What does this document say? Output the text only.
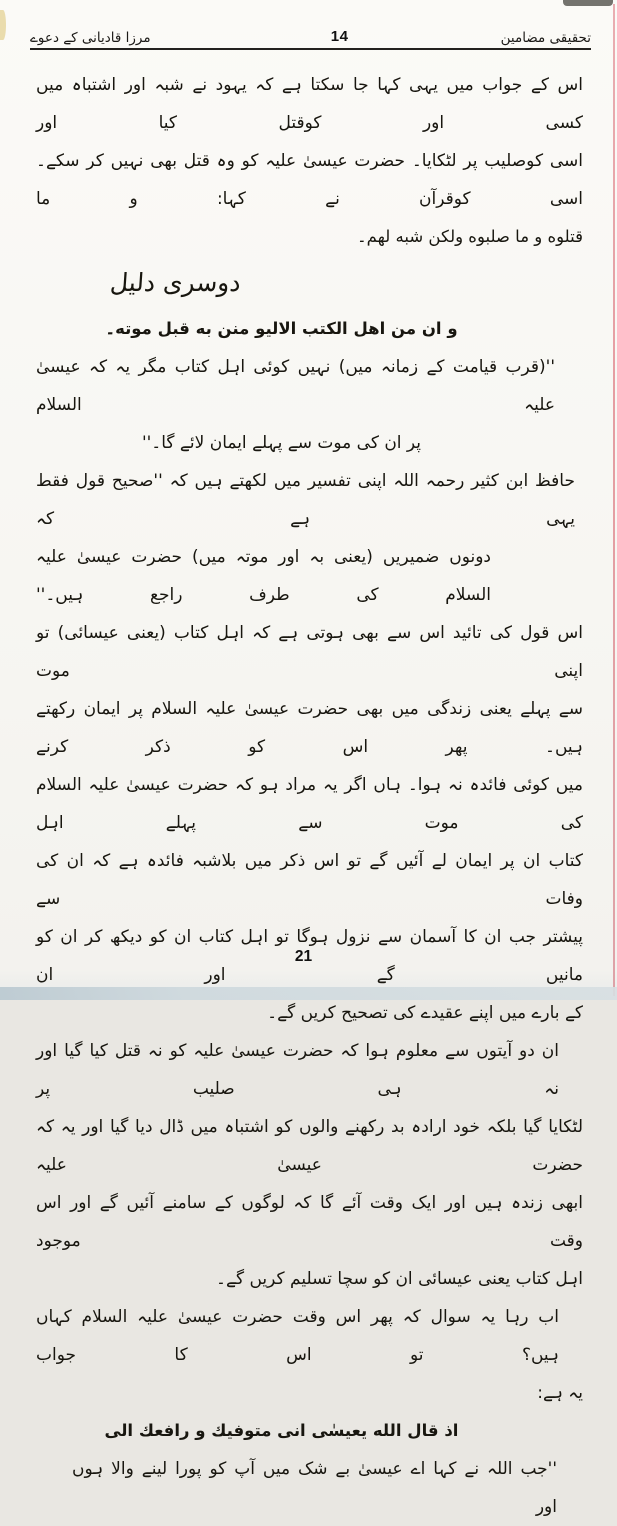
مرزا قادیانی کے دعوے	14	تحقیقی مضامین
اس کے جواب میں یہی کہا جا سکتا ہے کہ یہود نے شبہ اور اشتباہ میں کسی اور کوقتل کیا اور
اسی کوصلیب پر لٹکایا۔ حضرت عیسیٰ علیہ کو وہ قتل بھی نہیں کر سکے۔ اسی کوقرآن نے کہا: و ما
قتلوه و ما صلبوه ولكن شبه لهم۔
دوسری دلیل
و ان من اهل الكتب الاليو منن به قبل موته۔
''(قرب قیامت کے زمانہ میں) نہیں کوئی اہل کتاب مگر یہ کہ عیسیٰ علیہ السلام
پر ان کی موت سے پہلے ایمان لائے گا۔''
حافظ ابن کثیر رحمہ اللہ اپنی تفسیر میں لکھتے ہیں کہ ''صحیح قول فقط یہی ہے کہ
دونوں ضمیریں (یعنی بہ اور موتہ میں) حضرت عیسیٰ علیہ السلام کی طرف راجع ہیں۔''
اس قول کی تائید اس سے بھی ہوتی ہے کہ اہل کتاب (یعنی عیسائی) تو اپنی موت
سے پہلے یعنی زندگی میں بھی حضرت عیسیٰ علیہ السلام پر ایمان رکھتے ہیں۔ پھر اس کو ذکر کرنے
میں کوئی فائدہ نہ ہوا۔ ہاں اگر یہ مراد ہو کہ حضرت عیسیٰ علیہ السلام کی موت سے پہلے اہل
کتاب ان پر ایمان لے آئیں گے تو اس ذکر میں بلاشبہ فائدہ ہے کہ ان کی وفات سے
پیشتر جب ان کا آسمان سے نزول ہوگا تو اہل کتاب ان کو دیکھ کر ان کو مانیں گے اور ان
کے بارے میں اپنے عقیدے کی تصحیح کریں گے۔
ان دو آیتوں سے معلوم ہوا کہ حضرت عیسیٰ علیہ کو نہ قتل کیا گیا اور نہ ہی صلیب پر
لٹکایا گیا بلکہ خود ارادہ بد رکھنے والوں کو اشتباہ میں ڈال دیا گیا اور یہ کہ حضرت عیسیٰ علیہ
ابھی زندہ ہیں اور ایک وقت آئے گا کہ لوگوں کے سامنے آئیں گے اور اس وقت موجود
اہل کتاب یعنی عیسائی ان کو سچا تسلیم کریں گے۔
اب رہا یہ سوال کہ پھر اس وقت حضرت عیسیٰ علیہ السلام کہاں ہیں؟ تو اس کا جواب
یہ ہے:
اذ قال الله يعيسٰى انى متوفيك و رافعك الى
''جب اللہ نے کہا اے عیسیٰ بے شک میں آپ کو پورا لینے والا ہوں اور
21
